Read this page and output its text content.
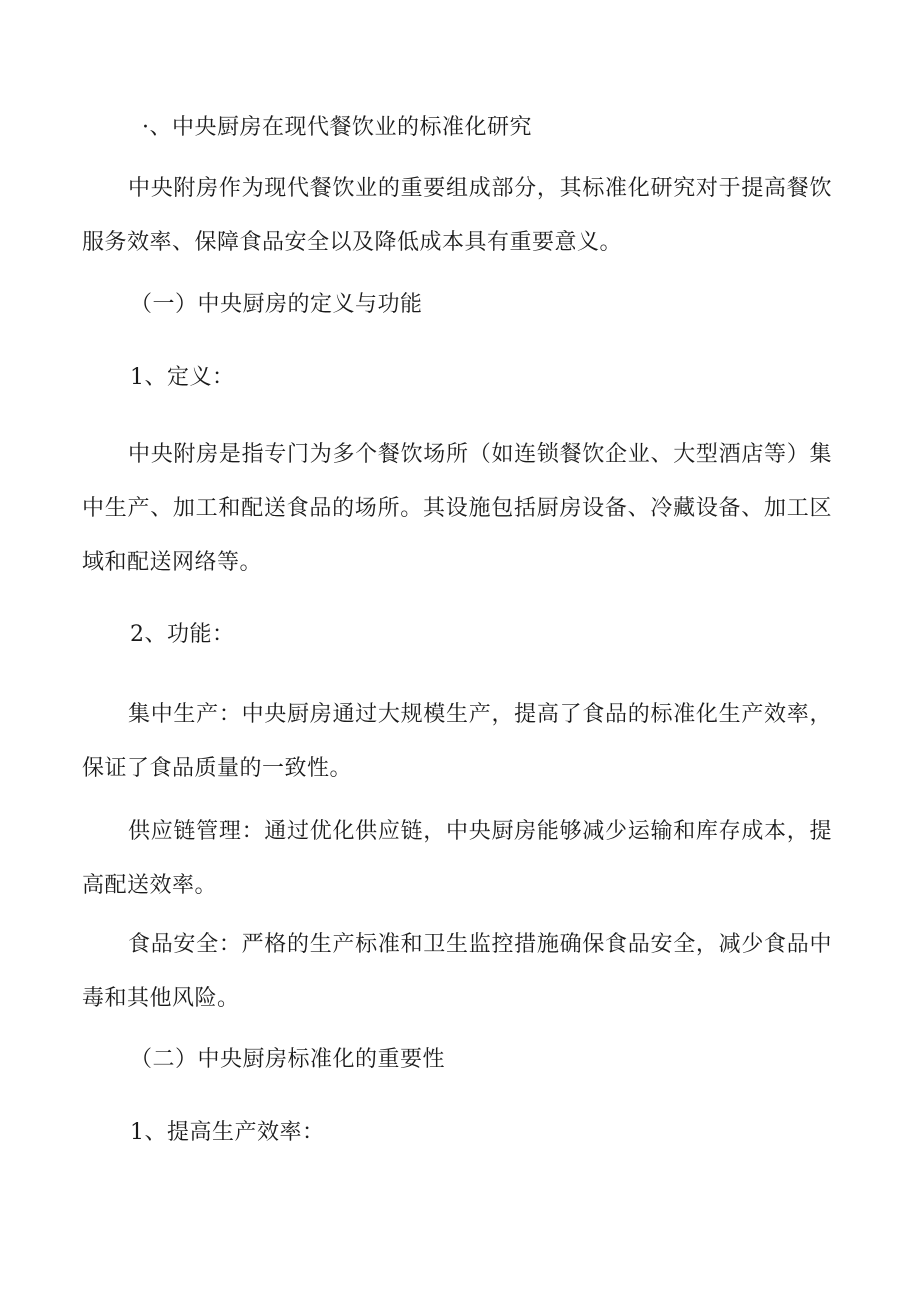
·、中央厨房在现代餐饮业的标准化研究
中央附房作为现代餐饮业的重要组成部分，其标准化研究对于提高餐饮服务效率、保障食品安全以及降低成本具有重要意义。
（一）中央厨房的定义与功能
1、定义：
中央附房是指专门为多个餐饮场所（如连锁餐饮企业、大型酒店等）集中生产、加工和配送食品的场所。其设施包括厨房设备、冷藏设备、加工区域和配送网络等。
2、功能：
集中生产：中央厨房通过大规模生产，提高了食品的标准化生产效率，保证了食品质量的一致性。
供应链管理：通过优化供应链，中央厨房能够减少运输和库存成本，提高配送效率。
食品安全：严格的生产标准和卫生监控措施确保食品安全，减少食品中毒和其他风险。
（二）中央厨房标准化的重要性
1、提高生产效率：
